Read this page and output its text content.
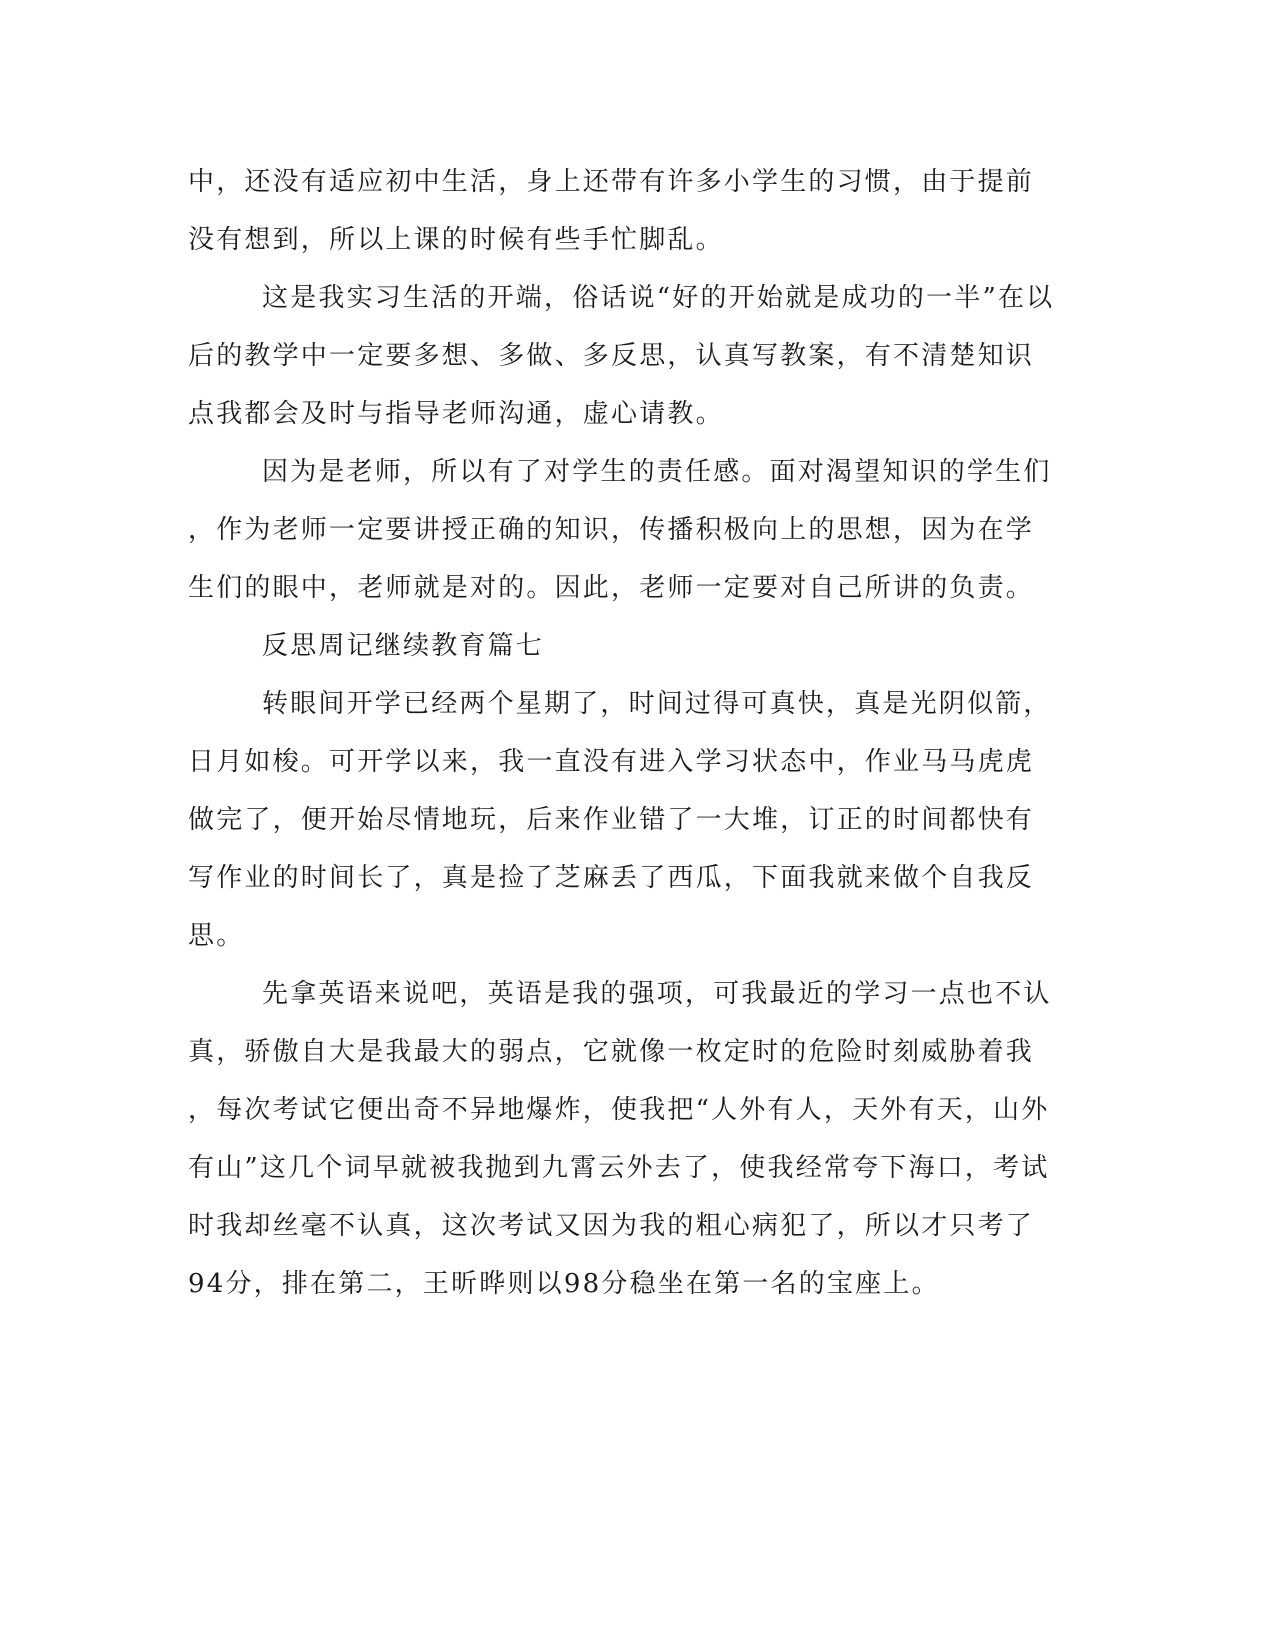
中，还没有适应初中生活，身上还带有许多小学生的习惯，由于提前
没有想到，所以上课的时候有些手忙脚乱。
这是我实习生活的开端，俗话说“好的开始就是成功的一半”在以
后的教学中一定要多想、多做、多反思，认真写教案，有不清楚知识
点我都会及时与指导老师沟通，虚心请教。
因为是老师，所以有了对学生的责任感。面对渴望知识的学生们
，作为老师一定要讲授正确的知识，传播积极向上的思想，因为在学
生们的眼中，老师就是对的。因此，老师一定要对自己所讲的负责。
反思周记继续教育篇七
转眼间开学已经两个星期了，时间过得可真快，真是光阴似箭，
日月如梭。可开学以来，我一直没有进入学习状态中，作业马马虎虎
做完了，便开始尽情地玩，后来作业错了一大堆，订正的时间都快有
写作业的时间长了，真是捡了芝麻丢了西瓜，下面我就来做个自我反
思。
先拿英语来说吧，英语是我的强项，可我最近的学习一点也不认
真，骄傲自大是我最大的弱点，它就像一枚定时的危险时刻威胁着我
，每次考试它便出奇不异地爆炸，使我把“人外有人，天外有天，山外
有山”这几个词早就被我抛到九霄云外去了，使我经常夸下海口，考试
时我却丝毫不认真，这次考试又因为我的粗心病犯了，所以才只考了
94分，排在第二，王昕晔则以98分稳坐在第一名的宝座上。
